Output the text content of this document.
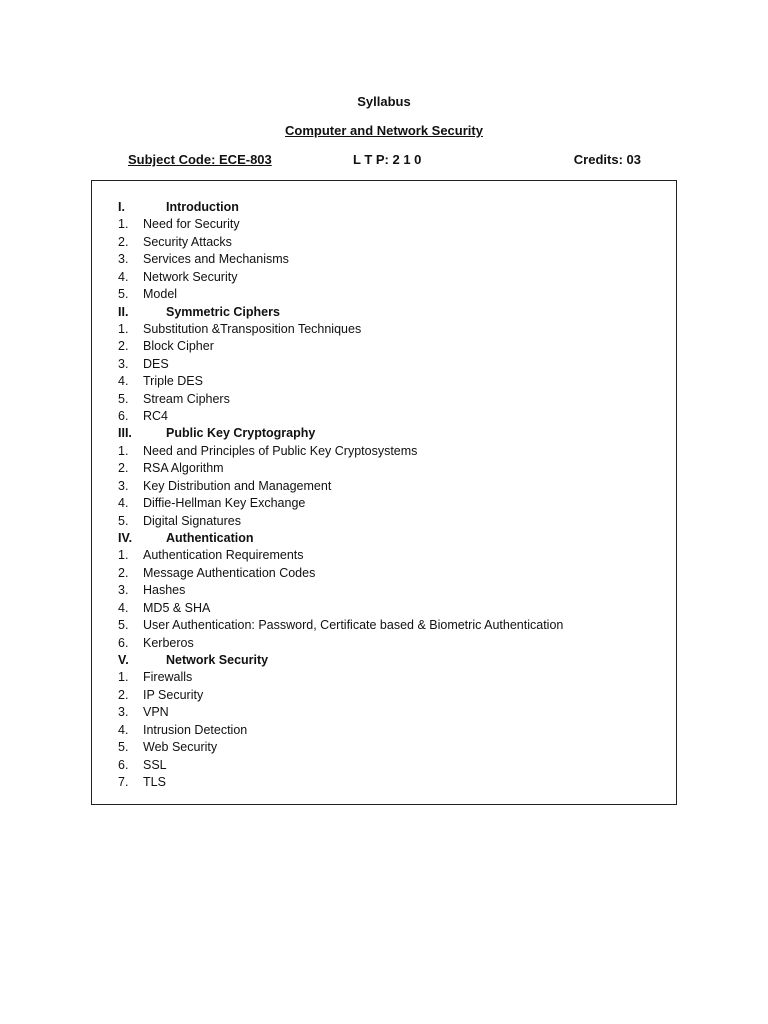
Syllabus
Computer and Network Security
Subject Code: ECE-803	L T P: 2 1 0	Credits: 03
I.	Introduction
1. Need for Security
2. Security Attacks
3. Services and Mechanisms
4. Network Security
5. Model
II.	Symmetric Ciphers
1. Substitution &Transposition Techniques
2. Block Cipher
3. DES
4. Triple DES
5. Stream Ciphers
6. RC4
III.	Public Key Cryptography
1. Need and Principles of Public Key Cryptosystems
2. RSA Algorithm
3. Key Distribution and Management
4. Diffie-Hellman Key Exchange
5. Digital Signatures
IV.	Authentication
1. Authentication Requirements
2. Message Authentication Codes
3. Hashes
4. MD5 & SHA
5. User Authentication: Password, Certificate based & Biometric Authentication
6. Kerberos
V.	Network Security
1. Firewalls
2. IP Security
3. VPN
4. Intrusion Detection
5. Web Security
6. SSL
7. TLS
